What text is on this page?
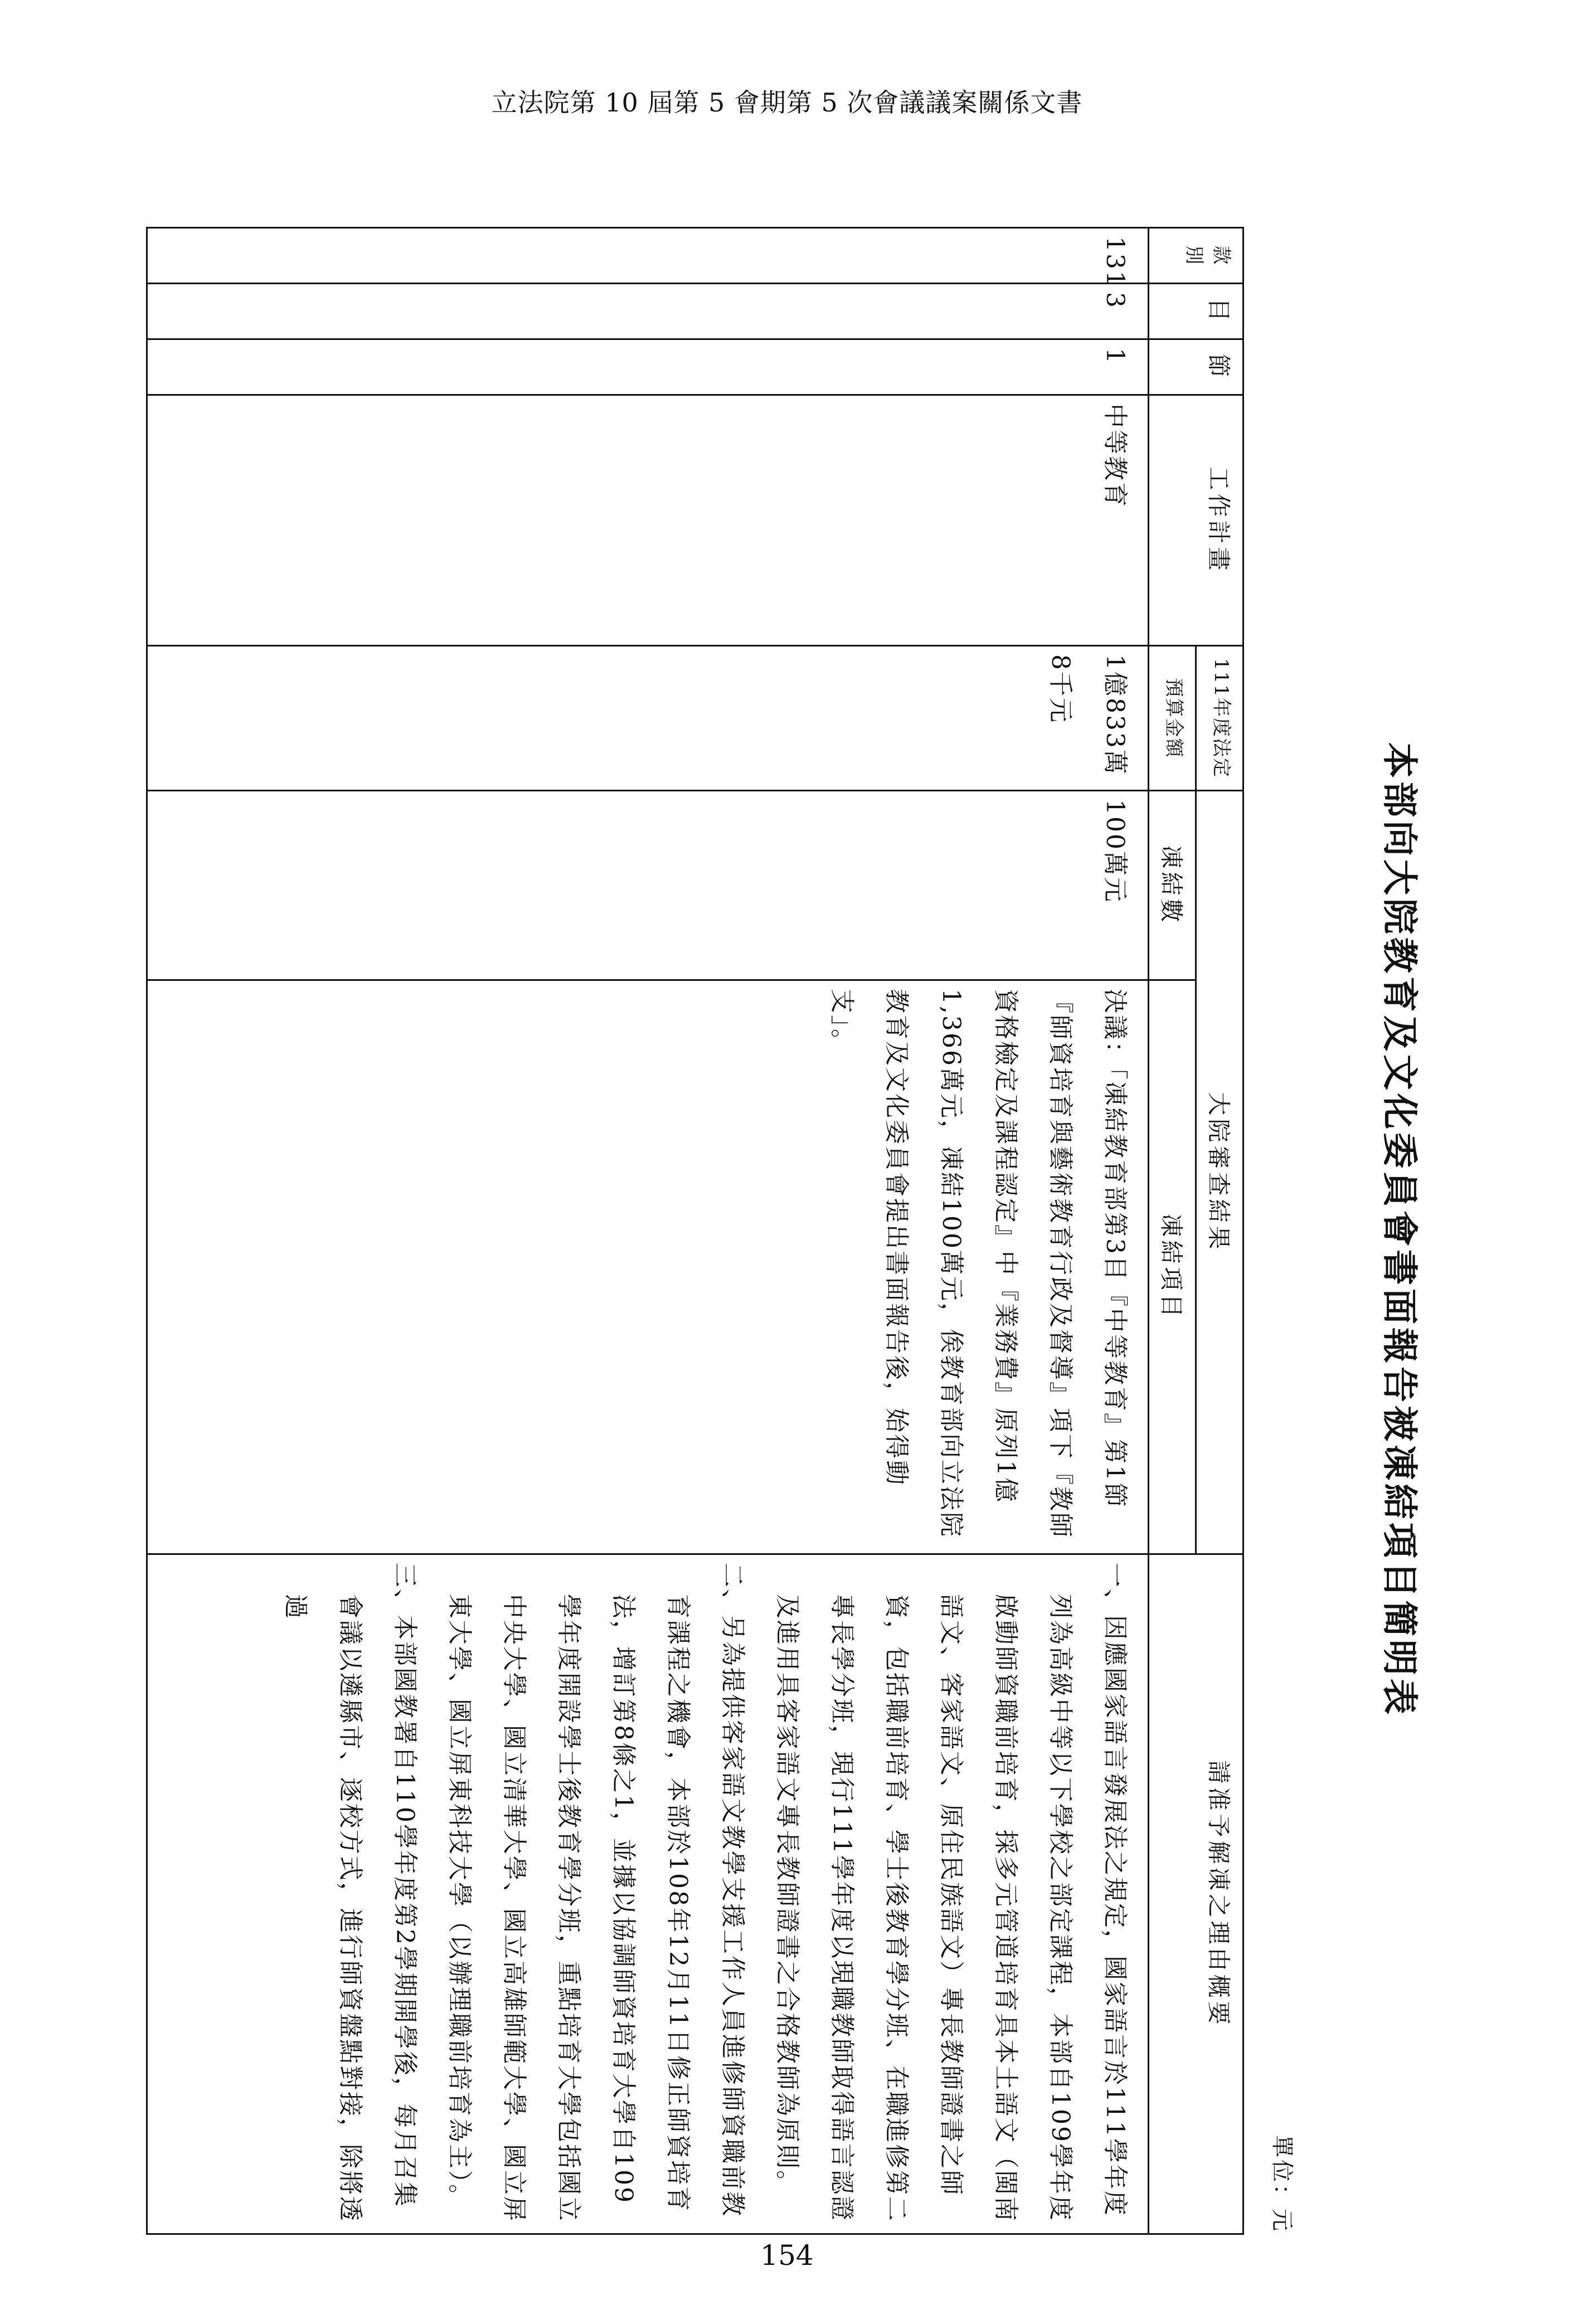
立法院第 10 屆第 5 會期第 5 次會議議案關係文書
本部向大院教育及文化委員會書面報告被凍結項目簡明表
單位：元
款別	目	節	工作計畫	111年度法定	大院審查結果		請准予解凍之理由概要
				預算金額	凍結數	凍結項目	
131	3	1	中等教育	1億833萬8千元	100萬元	決議：「凍結教育部第3目『中等教育』第1節『師資培育與藝術教育行政及督導』項下『教師資格檢定及課程認定』中『業務費』原列1億1,366萬元，凍結100萬元，俟教育部向立法院教育及文化委員會提出書面報告後，始得動支」。	一、因應國家語言發展法之規定，國家語言於111學年度列為高級中等以下學校之部定課程，本部自109學年度啟動師資職前培育，採多元管道培育具本土語文（閩南語文、客家語文、原住民族語文）專長教師證書之師資，包括職前培育、學士後教育學分班、在職進修第二專長學分班，現行111學年度以現職教師取得語言認證及進用具客家語文專長教師證書之合格教師為原則。

二、另為提供客家語文教學支援工作人員進修師資職前教育課程之機會，本部於108年12月11日修正師資培育法，增訂第8條之1，並據以協調師資培育大學自109學年度開設學士後教育學分班，重點培育大學包括國立中央大學、國立清華大學、國立高雄師範大學、國立屏東大學、國立屏東科技大學（以辦理職前培育為主）。

三、本部國教署自110學年度第2學期開學後，每月召集會議以遴縣市、逐校方式，進行師資盤點對接，除將透過

154
